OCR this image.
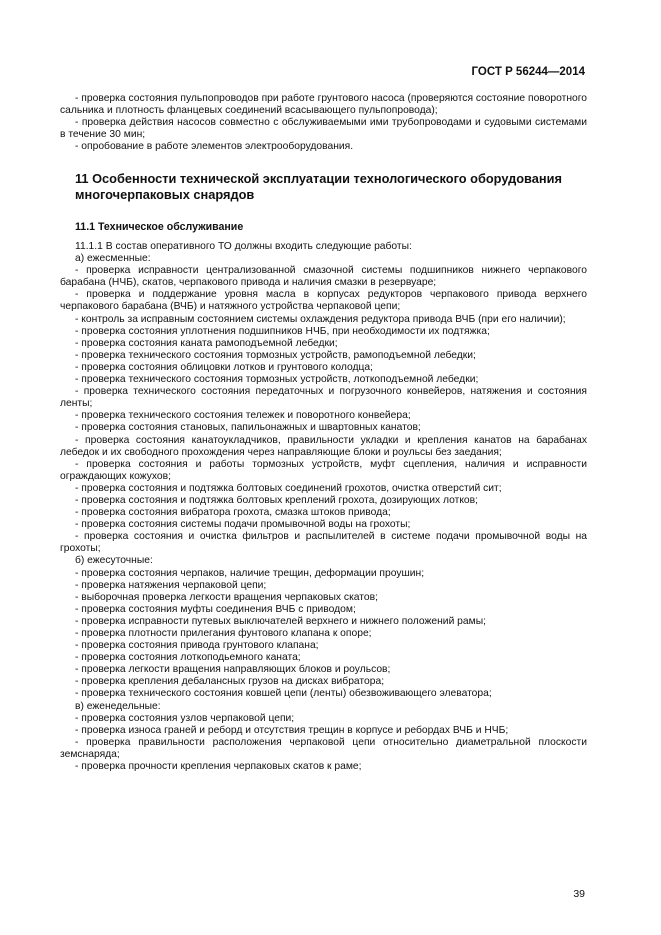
ГОСТ Р 56244—2014

- проверка состояния пульпопроводов при работе грунтового насоса (проверяются состояние поворотного сальника и плотность фланцевых соединений всасывающего пульпопровода);

- проверка действия насосов совместно с обслуживаемыми ими трубопроводами и судовыми системами в течение 30 мин;

- опробование в работе элементов электрооборудования.

11 Особенности технической эксплуатации технологического оборудования многочерпаковых снарядов
11.1 Техническое обслуживание

11.1.1 В состав оперативного ТО должны входить следующие работы:

а) ежесменные:

- проверка исправности централизованной смазочной системы подшипников нижнего черпакового барабана (НЧБ), скатов, черпакового привода и наличия смазки в резервуаре;

- проверка и поддержание уровня масла в корпусах редукторов черпакового привода верхнего черпакового барабана (ВЧБ) и натяжного устройства черпаковой цепи;

- контроль за исправным состоянием системы охлаждения редуктора привода ВЧБ (при его наличии);

- проверка состояния уплотнения подшипников НЧБ, при необходимости их подтяжка;

- проверка состояния каната рамоподъемной лебедки;

- проверка технического состояния тормозных устройств, рамоподъемной лебедки;

- проверка состояния облицовки лотков и грунтового колодца;

- проверка технического состояния тормозных устройств, лоткоподъемной лебедки;

- проверка технического состояния передаточных и погрузочного конвейеров, натяжения и состояния ленты;

- проверка технического состояния тележек и поворотного конвейера;

- проверка состояния становых, папильонажных и швартовных канатов;

- проверка состояния канатоукладчиков, правильности укладки и крепления канатов на барабанах лебедок и их свободного прохождения через направляющие блоки и роульсы без заедания;

- проверка состояния и работы тормозных устройств, муфт сцепления, наличия и исправности ограждающих кожухов;

- проверка состояния и подтяжка болтовых соединений грохотов, очистка отверстий сит;

- проверка состояния и подтяжка болтовых креплений грохота, дозирующих лотков;

- проверка состояния вибратора грохота, смазка штоков привода;

- проверка состояния системы подачи промывочной воды на грохоты;

- проверка состояния и очистка фильтров и распылителей в системе подачи промывочной воды на грохоты;

б) ежесуточные:

- проверка состояния черпаков, наличие трещин, деформации проушин;

- проверка натяжения черпаковой цепи;

- выборочная проверка легкости вращения черпаковых скатов;

- проверка состояния муфты соединения ВЧБ с приводом;

- проверка исправности путевых выключателей верхнего и нижнего положений рамы;

- проверка плотности прилегания фунтового клапана к опоре;

- проверка состояния привода грунтового клапана;

- проверка состояния лоткоподьемного каната;

- проверка легкости вращения направляющих блоков и роульсов;

- проверка крепления дебалансных грузов на дисках вибратора;

- проверка технического состояния ковшей цепи (ленты) обезвоживающего элеватора;

в) еженедельные:

- проверка состояния узлов черпаковой цепи;

- проверка износа граней и реборд и отсутствия трещин в корпусе и ребордах ВЧБ и НЧБ;

- проверка правильности расположения черпаковой цепи относительно диаметральной плоскости земснаряда;

- проверка прочности крепления черпаковых скатов к раме;

39
